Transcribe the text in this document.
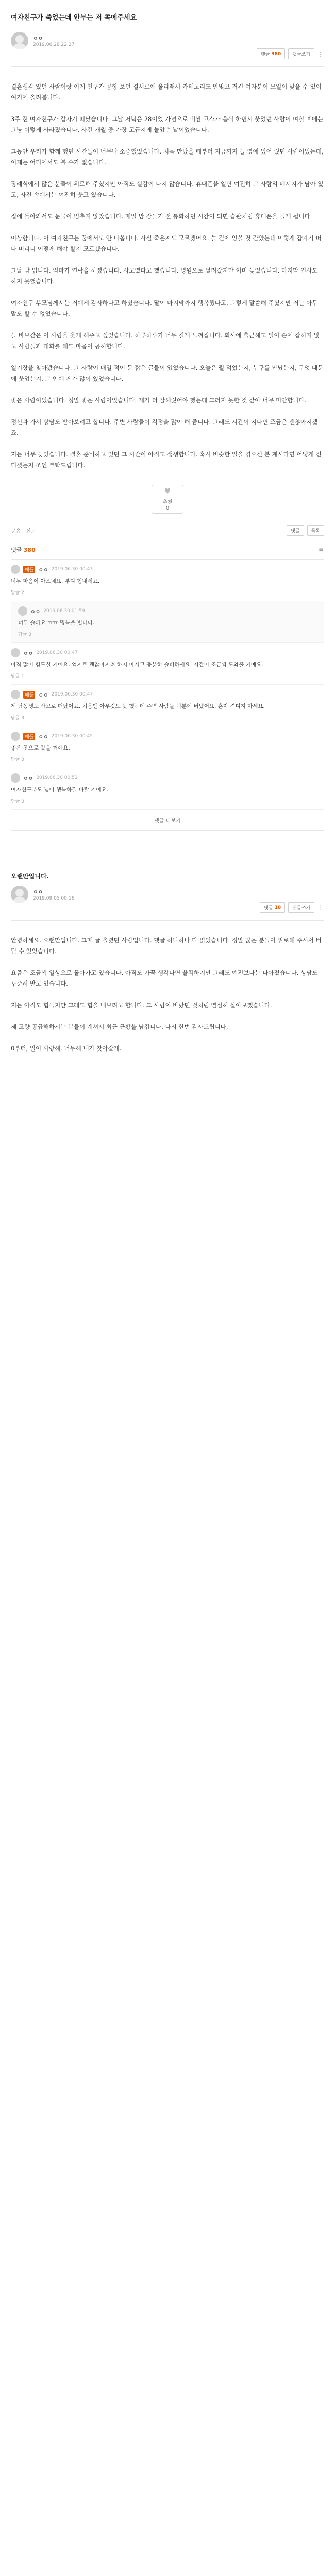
여자친구가 죽었는데 안부는 저 쪽에주세요
ㅇㅇ
2019.06.28 22:27
댓글 380	댓글쓰기	⋮

결혼생각 있던 사람이랑 이제 친구가 공항 보던 결서로에 올리래서 카테고리도 안맞고 거긴 여자분이 모일이 맞을 수 있어 여기에 올려봅니다.

3주 전 여자친구가 갑자기 떠났습니다. 그날 저녁은 28이었 가넘으로 비싼 코스가 음식 하면서 웃었던 사람이 며칠 후에는 그냥 이렇게 사라졌습니다. 사건 개월 중 가장 고급지게 놀았던 날이었습니다.

그동안 우리가 함께 했던 시간들이 너무나 소중했었습니다. 처음 만났을 때부터 지금까지 늘 옆에 있어 줬던 사람이었는데, 이제는 어디에서도 볼 수가 없습니다.

장례식에서 많은 분들이 위로해 주셨지만 아직도 실감이 나지 않습니다. 휴대폰을 열면 여전히 그 사람의 메시지가 남아 있고, 사진 속에서는 여전히 웃고 있습니다.

집에 돌아와서도 눈물이 멈추지 않았습니다. 매일 밤 잠들기 전 통화하던 시간이 되면 습관처럼 휴대폰을 들게 됩니다.

이상합니다. 이 여자친구는 꿈에서도 안 나옵니다. 사실 죽은지도 모르겠어요. 늘 곁에 있을 것 같았는데 이렇게 갑자기 떠나 버리니 어떻게 해야 할지 모르겠습니다.

그날 밤 입니다. 엄마가 연락을 하셨습니다. 사고였다고 했습니다. 병원으로 달려갔지만 이미 늦었습니다. 마지막 인사도 하지 못했습니다.

여자친구 부모님께서는 저에게 감사하다고 하셨습니다. 딸이 마지막까지 행복했다고, 그렇게 말씀해 주셨지만 저는 아무 말도 할 수 없었습니다.

늘 바보같은 이 사람을 웃게 해주고 싶었습니다. 하루하루가 너무 길게 느껴집니다. 회사에 출근해도 일이 손에 잡히지 않고 사람들과 대화를 해도 마음이 공허합니다.

일기장을 찾아봤습니다. 그 사람이 매일 적어 둔 짧은 글들이 있었습니다. 오늘은 뭘 먹었는지, 누구를 만났는지, 무엇 때문에 웃었는지. 그 안에 제가 많이 있었습니다.

좋은 사람이었습니다. 정말 좋은 사람이었습니다. 제가 더 잘해줬어야 했는데 그러지 못한 것 같아 너무 미안합니다.

정신과 가서 상담도 받아보려고 합니다. 주변 사람들이 걱정을 많이 해 줍니다. 그래도 시간이 지나면 조금은 괜찮아지겠죠.

저는 너무 늦었습니다. 결혼 준비하고 있던 그 시간이 아직도 생생합니다. 혹시 비슷한 일을 겪으신 분 계시다면 어떻게 견디셨는지 조언 부탁드립니다.

♥
추천
0
공유 신고	댓글	목록
댓글 380	≡
베플 ㅇㅇ 2019.06.30 00:43
너무 마음이 아프네요. 부디 힘내세요.
답글 2
ㅇㅇ 2019.06.30 01:59
너무 슬퍼요 ㅠㅠ 명복을 빕니다.
답글 0
ㅇㅇ 2019.06.30 00:47
아직 많이 힘드실 거예요. 억지로 괜찮아지려 하지 마시고 충분히 슬퍼하세요. 시간이 조금씩 도와줄 거예요.
답글 1
베플 ㅇㅇ 2019.06.30 00:47
제 남동생도 사고로 떠났어요. 처음엔 아무것도 못 했는데 주변 사람들 덕분에 버텼어요. 혼자 견디지 마세요.
답글 3
베플 ㅇㅇ 2019.06.30 00:45
좋은 곳으로 갔을 거예요.
답글 0
ㅇㅇ 2019.06.30 00:52
여자친구분도 님이 행복하길 바랄 거예요.
답글 0
댓글 더보기
오랜만입니다.
ㅇㅇ
2019.09.05 00:16
댓글 18	댓글쓰기	⋮

안녕하세요. 오랜만입니다. 그때 글 올렸던 사람입니다. 댓글 하나하나 다 읽었습니다. 정말 많은 분들이 위로해 주셔서 버틸 수 있었습니다.

요즘은 조금씩 일상으로 돌아가고 있습니다. 아직도 가끔 생각나면 울컥하지만 그래도 예전보다는 나아졌습니다. 상담도 꾸준히 받고 있습니다.

저는 아직도 힘들지만 그래도 힘을 내보려고 합니다. 그 사람이 바랐던 것처럼 열심히 살아보겠습니다.

제 고향 공급해하시는 분들이 계셔서 최근 근황을 남깁니다. 다시 한번 감사드립니다.

0부터, 일이 사랑해. 너무해 내가 찾아갈게.
